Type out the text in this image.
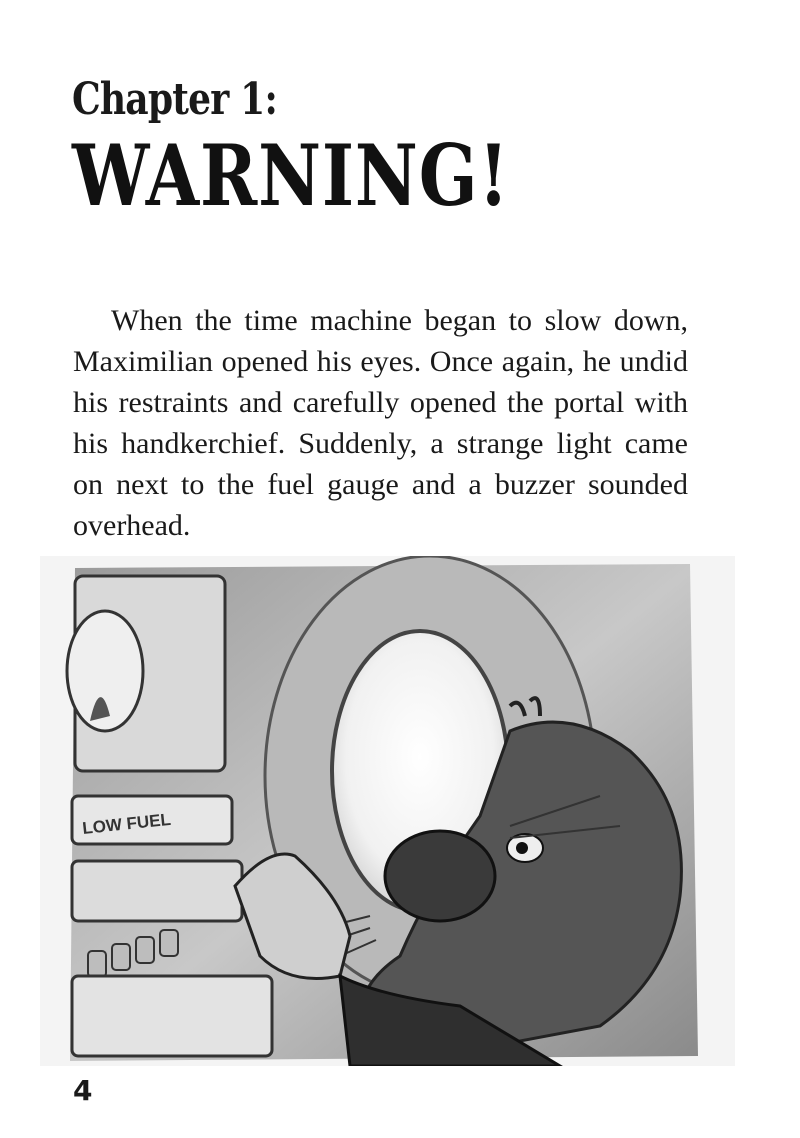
Chapter 1:
WARNING!

When the time machine began to slow down, Maximilian opened his eyes. Once again, he undid his restraints and carefully opened the portal with his handkerchief. Suddenly, a strange light came on next to the fuel gauge and a buzzer sounded overhead.

LOW FUEL
4
